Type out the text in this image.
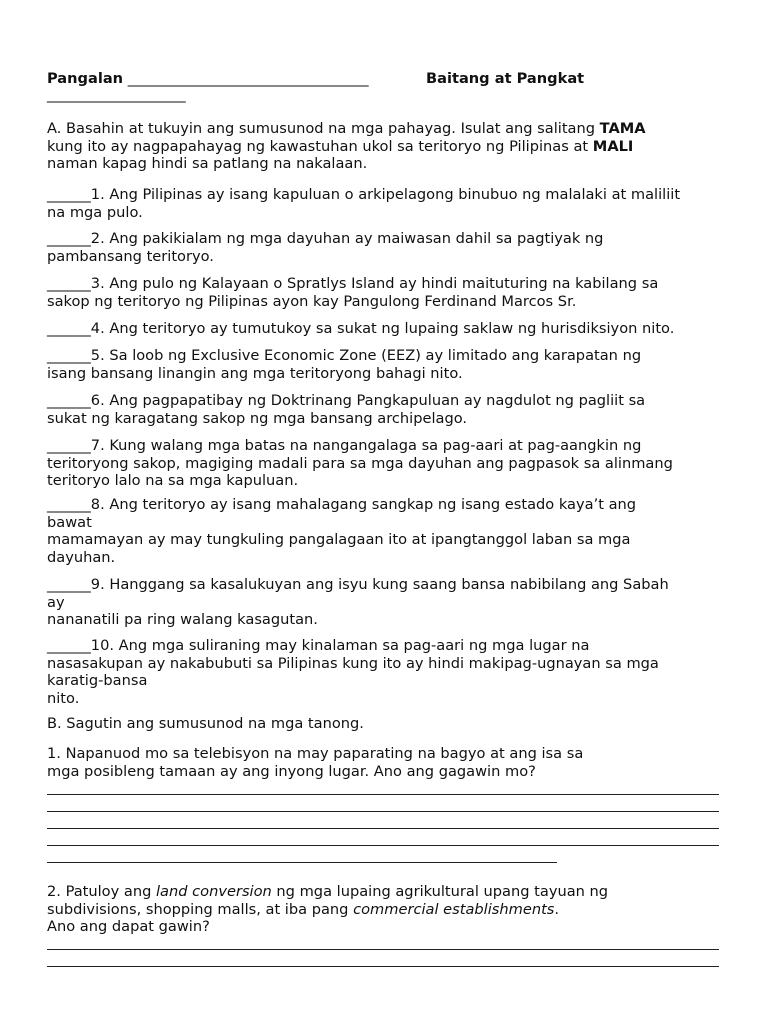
Pangalan _________________________________	Baitang at Pangkat
___________________
A. Basahin at tukuyin ang sumusunod na mga pahayag. Isulat ang salitang TAMA
kung ito ay nagpapahayag ng kawastuhan ukol sa teritoryo ng Pilipinas at MALI
naman kapag hindi sa patlang na nakalaan.
______1. Ang Pilipinas ay isang kapuluan o arkipelagong binubuo ng malalaki at maliliit
na mga pulo.
______2. Ang pakikialam ng mga dayuhan ay maiwasan dahil sa pagtiyak ng
pambansang teritoryo.
______3. Ang pulo ng Kalayaan o Spratlys Island ay hindi maituturing na kabilang sa
sakop ng teritoryo ng Pilipinas ayon kay Pangulong Ferdinand Marcos Sr.
______4. Ang teritoryo ay tumutukoy sa sukat ng lupaing saklaw ng hurisdiksiyon nito.
______5. Sa loob ng Exclusive Economic Zone (EEZ) ay limitado ang karapatan ng
isang bansang linangin ang mga teritoryong bahagi nito.
______6. Ang pagpapatibay ng Doktrinang Pangkapuluan ay nagdulot ng pagliit sa
sukat ng karagatang sakop ng mga bansang archipelago.
______7. Kung walang mga batas na nangangalaga sa pag-aari at pag-aangkin ng
teritoryong sakop, magiging madali para sa mga dayuhan ang pagpasok sa alinmang
teritoryo lalo na sa mga kapuluan.
______8. Ang teritoryo ay isang mahalagang sangkap ng isang estado kaya’t ang
bawat
mamamayan ay may tungkuling pangalagaan ito at ipangtanggol laban sa mga
dayuhan.
______9. Hanggang sa kasalukuyan ang isyu kung saang bansa nabibilang ang Sabah
ay
nananatili pa ring walang kasagutan.
______10. Ang mga suliraning may kinalaman sa pag-aari ng mga lugar na
nasasakupan ay nakabubuti sa Pilipinas kung ito ay hindi makipag-ugnayan sa mga
karatig-bansa
nito.
B. Sagutin ang sumusunod na mga tanong.
1. Napanuod mo sa telebisyon na may paparating na bagyo at ang isa sa
mga posibleng tamaan ay ang inyong lugar. Ano ang gagawin mo?
2. Patuloy ang land conversion ng mga lupaing agrikultural upang tayuan ng
subdivisions, shopping malls, at iba pang commercial establishments.
Ano ang dapat gawin?
